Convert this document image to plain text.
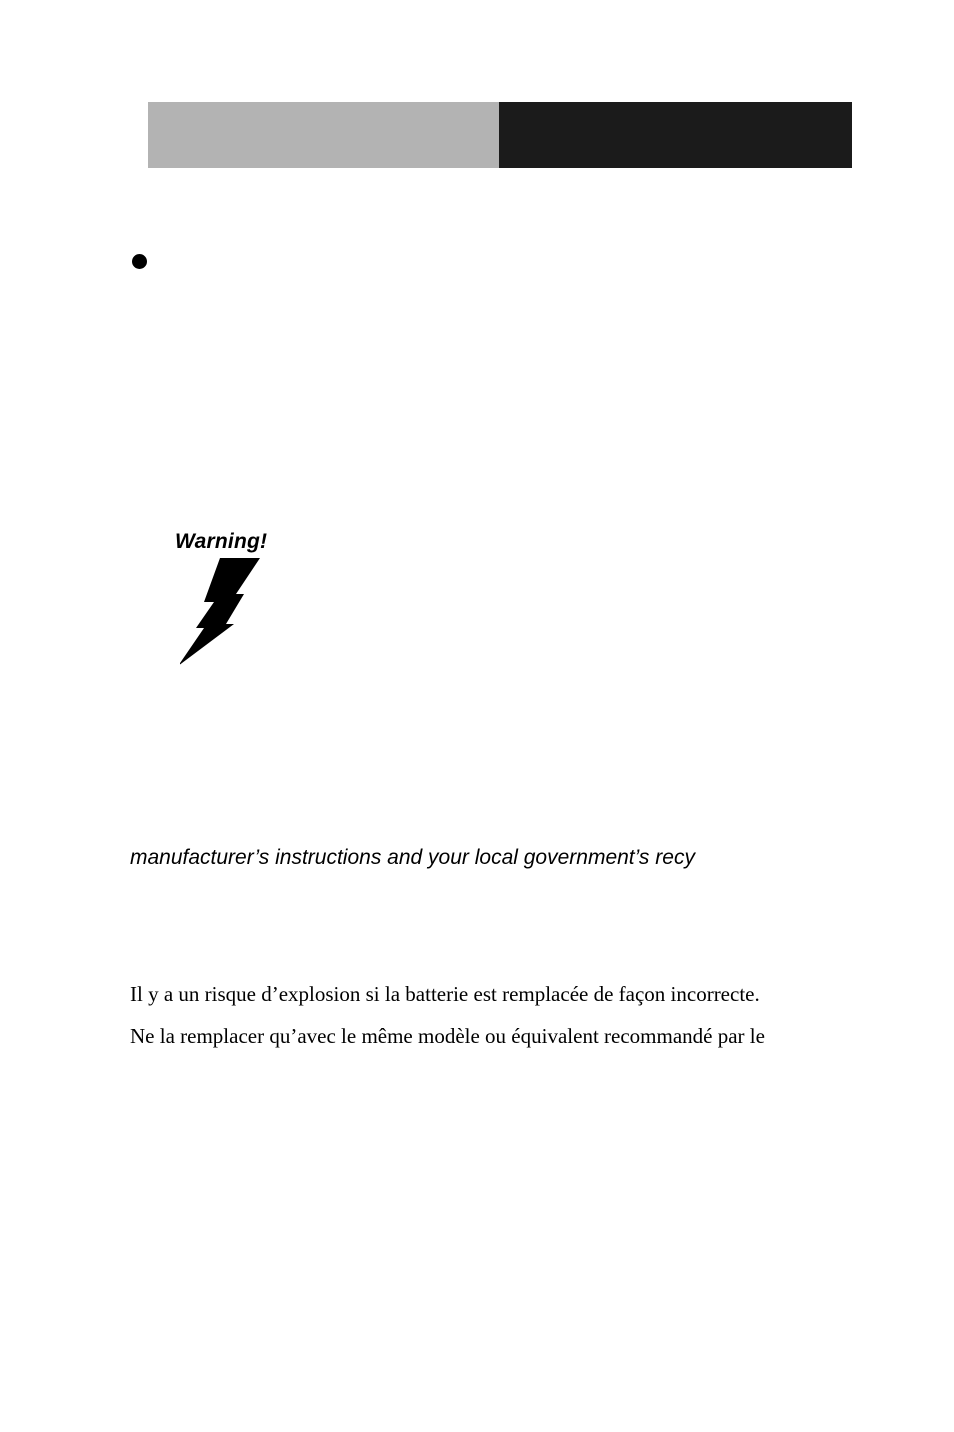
Warning!
manufacturer’s instructions and your local government’s recy
Il y a un risque d’explosion si la batterie est remplacée de façon incorrecte.
Ne la remplacer qu’avec le même modèle ou équivalent recommandé par le
